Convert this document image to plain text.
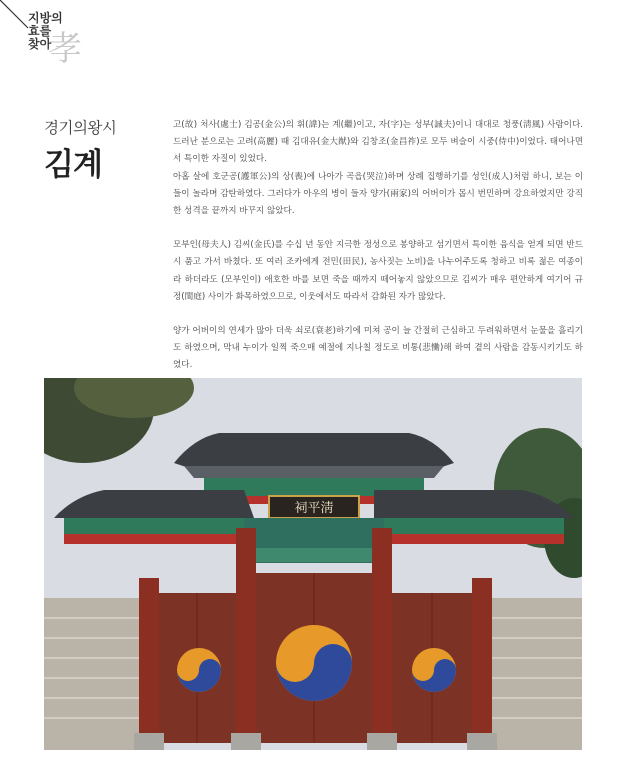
지방의
효를
찾아
孝
경기의왕시
김계

고(故) 처사(處士) 김공(金公)의 휘(諱)는 계(繼)이고, 자(字)는 성부(誠夫)이니 대대로 청풍(淸風) 사람이다. 드러난 분으로는 고려(高麗) 때 김대유(金大猷)와 김창조(金昌祚)로 모두 벼슬이 시중(侍中)이었다. 태어나면서 특이한 자질이 있었다.

아홉 살에 호군공(護軍公)의 상(喪)에 나아가 곡읍(哭泣)하며 상례 집행하기를 성인(成人)처럼 하니, 보는 이들이 놀라며 감탄하였다. 그러다가 아우의 병이 들자 양가(兩家)의 어버이가 몹시 번민하며 강요하였지만 강직한 성격을 끝까지 바꾸지 않았다.

모부인(母夫人) 김씨(金氏)를 수십 년 동안 지극한 정성으로 봉양하고 섬기면서 특이한 음식을 얻게 되면 반드시 품고 가서 바쳤다. 또 여러 조카에게 전민(田民), 농사짓는 노비)을 나누어주도록 청하고 비록 젊은 여종이라 하더라도 (모부인이) 애호한 바를 보면 죽을 때까지 떼어놓지 않았으므로 김씨가 매우 편안하게 여기어 규정(閨庭) 사이가 화목하였으므로, 이웃에서도 따라서 감화된 자가 많았다.

양가 어버이의 연세가 많아 더욱 쇠로(衰老)하기에 미쳐 공이 늘 간절히 근심하고 두려워하면서 눈물을 흘리기도 하였으며, 막내 누이가 일찍 죽으매 예절에 지나칠 정도로 비통(悲慟)해 하여 곁의 사람을 감동시키기도 하였다.

祠平淸
